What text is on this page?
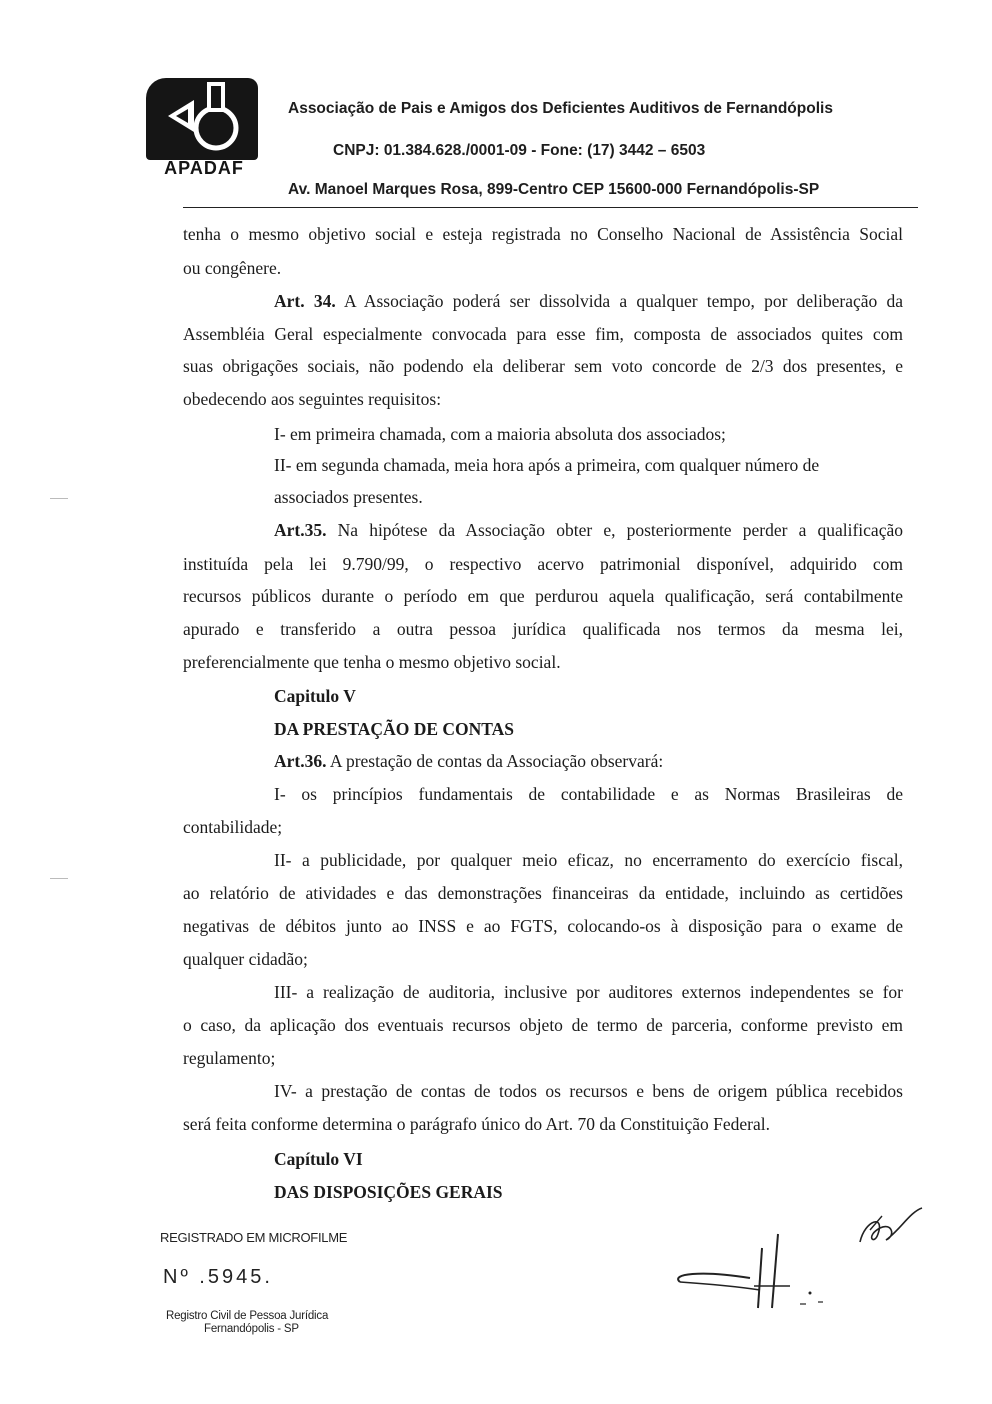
APADAF
Associação de Pais e Amigos dos Deficientes Auditivos de Fernandópolis
CNPJ: 01.384.628./0001-09 - Fone: (17) 3442 – 6503
Av. Manoel Marques Rosa, 899-Centro CEP 15600-000 Fernandópolis-SP
tenha o mesmo objetivo social e esteja registrada no Conselho Nacional de Assistência Social
ou congênere.
Art. 34. A Associação poderá ser dissolvida a qualquer tempo, por deliberação da
Assembléia Geral especialmente convocada para esse fim, composta de associados quites com
suas obrigações sociais, não podendo ela deliberar sem voto concorde de 2/3 dos presentes, e
obedecendo aos seguintes requisitos:
I- em primeira chamada, com a maioria absoluta dos associados;
II- em segunda chamada, meia hora após a primeira, com qualquer número de
associados presentes.
Art.35. Na hipótese da Associação obter e, posteriormente perder a qualificação
instituída pela lei 9.790/99, o respectivo acervo patrimonial disponível, adquirido com
recursos públicos durante o período em que perdurou aquela qualificação, será contabilmente
apurado e transferido a outra pessoa jurídica qualificada nos termos da mesma lei,
preferencialmente que tenha o mesmo objetivo social.
Capitulo V
DA PRESTAÇÃO DE CONTAS
Art.36. A prestação de contas da Associação observará:
I- os princípios fundamentais de contabilidade e as Normas Brasileiras de
contabilidade;
II- a publicidade, por qualquer meio eficaz, no encerramento do exercício fiscal,
ao relatório de atividades e das demonstrações financeiras da entidade, incluindo as certidões
negativas de débitos junto ao INSS e ao FGTS, colocando-os à disposição para o exame de
qualquer cidadão;
III- a realização de auditoria, inclusive por auditores externos independentes se for
o caso, da aplicação dos eventuais recursos objeto de termo de parceria, conforme previsto em
regulamento;
IV- a prestação de contas de todos os recursos e bens de origem pública recebidos
será feita conforme determina o parágrafo único do Art. 70 da Constituição Federal.
Capítulo VI
DAS DISPOSIÇÕES GERAIS
REGISTRADO EM MICROFILME
Nº .5945.
Registro Civil de Pessoa Jurídica
Fernandópolis - SP
